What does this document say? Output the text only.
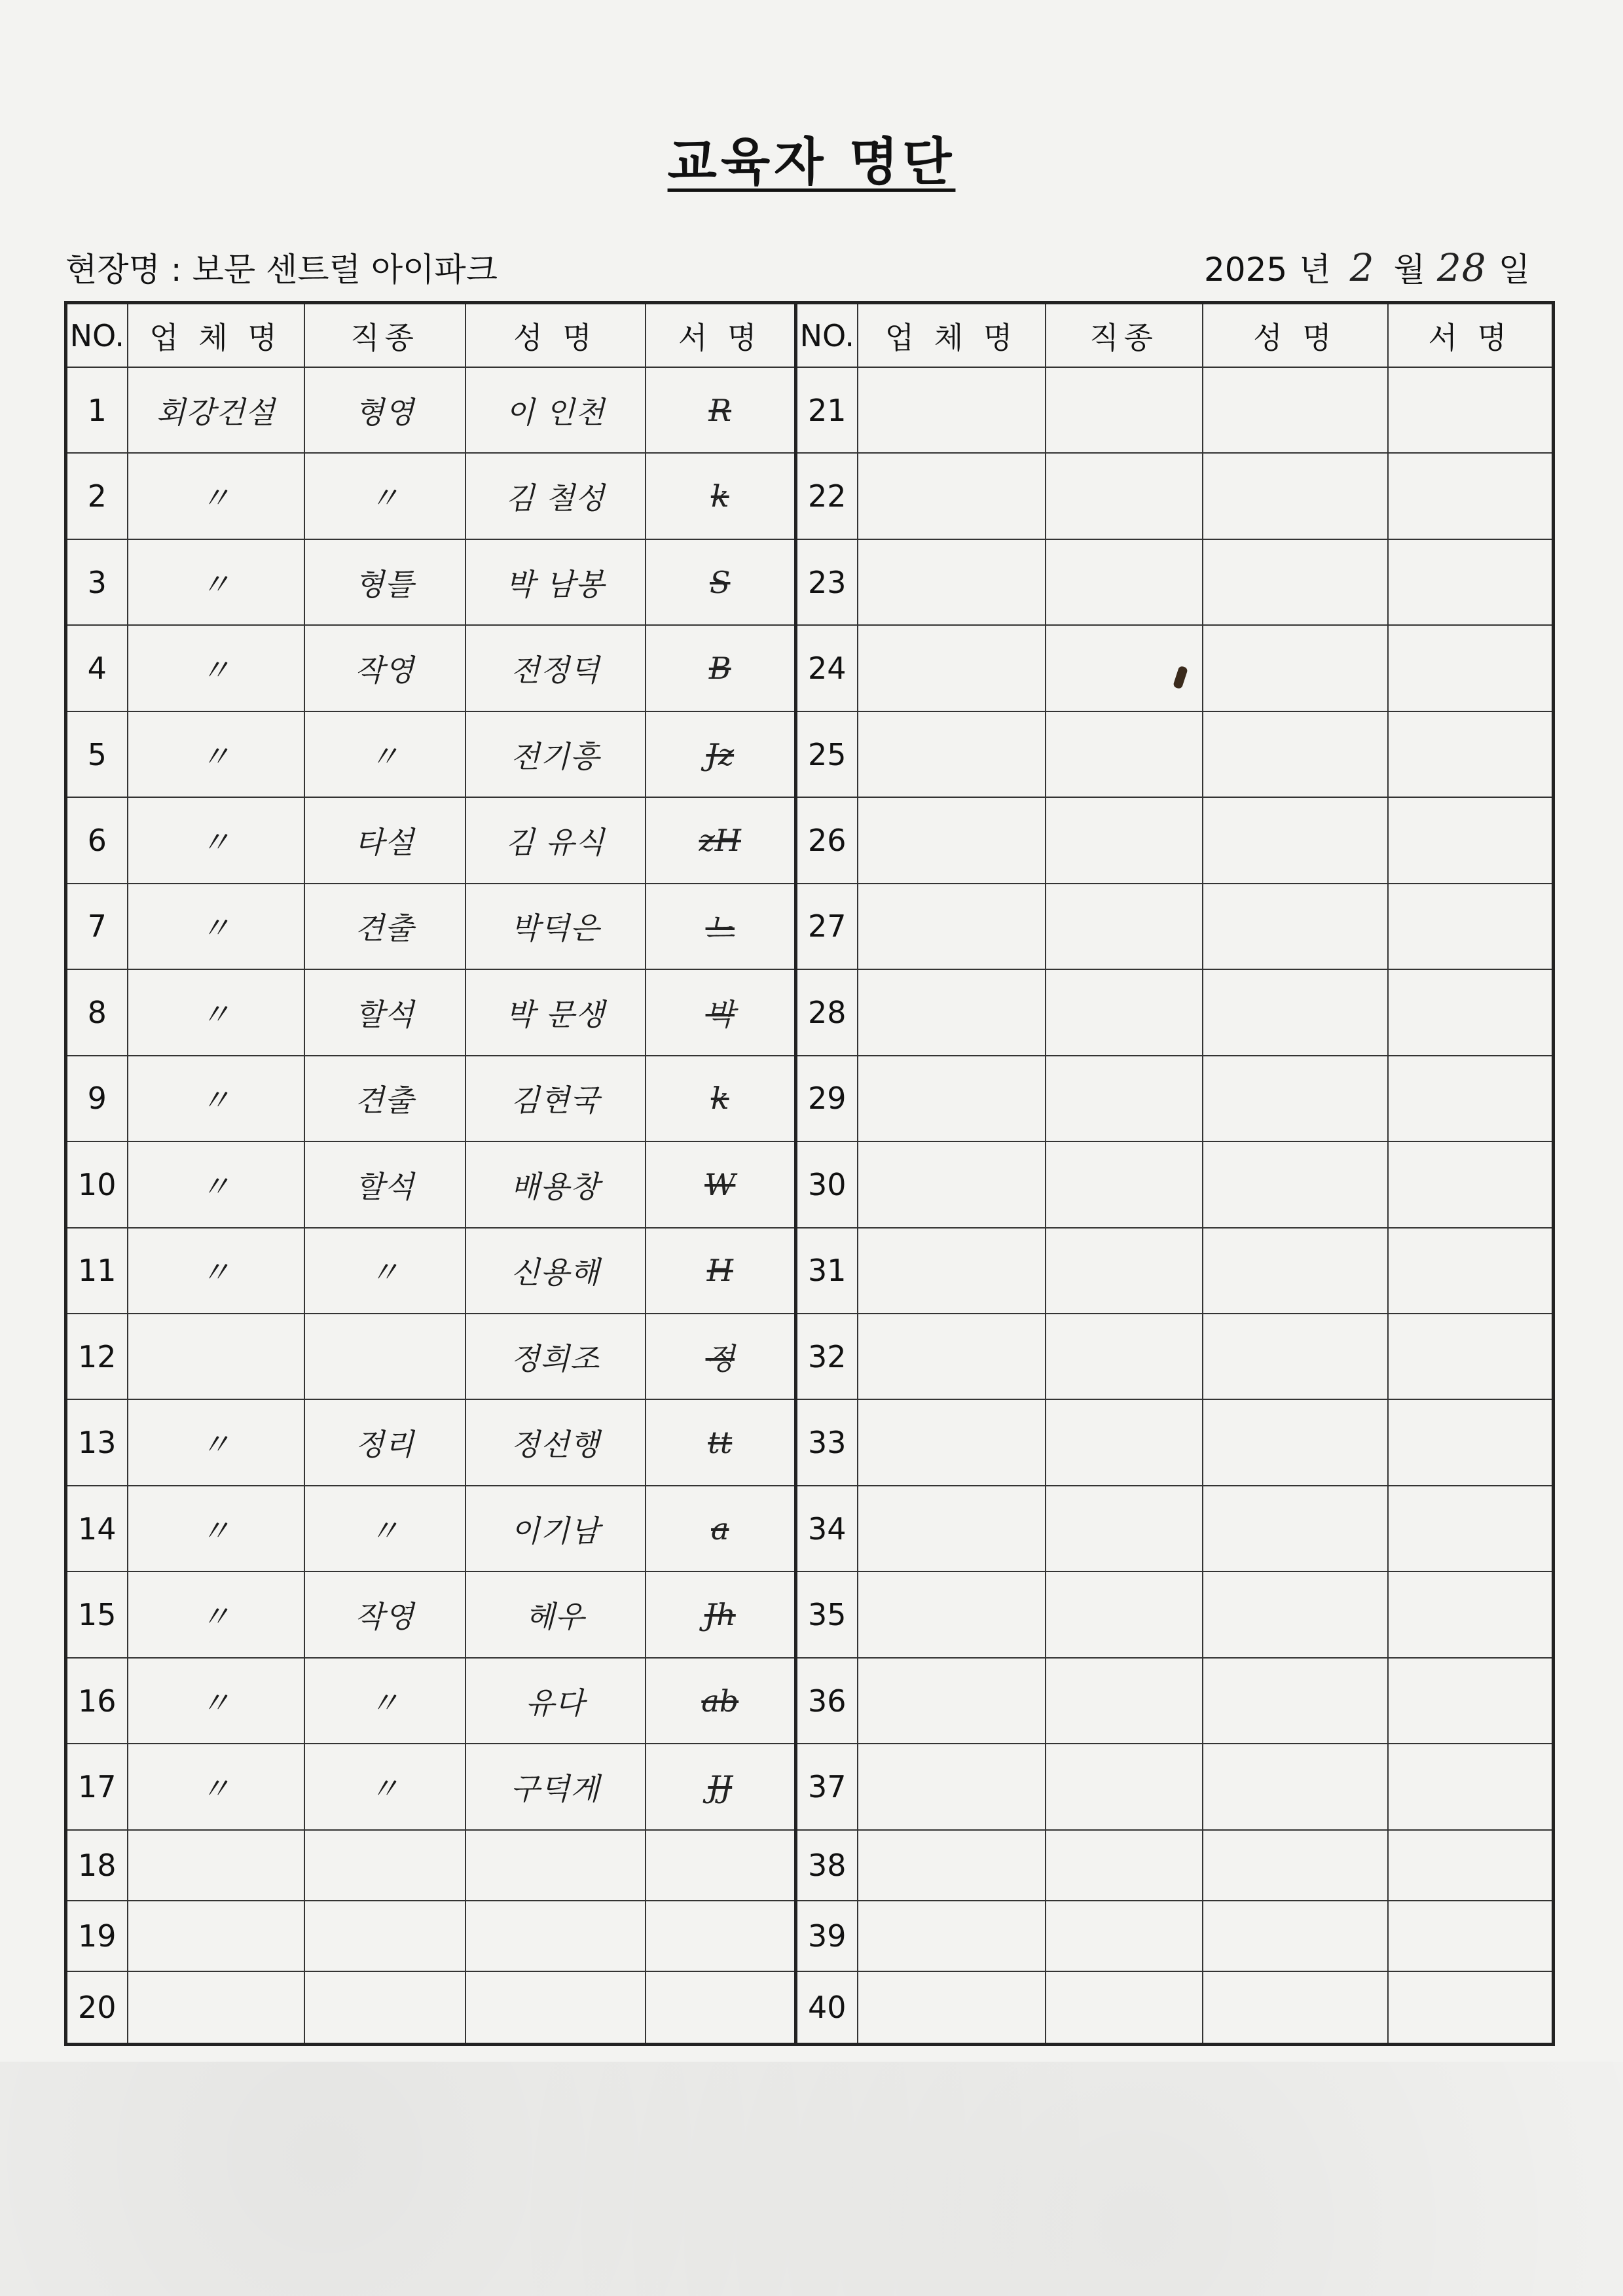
교육자 명단
현장명 : 보문 센트럴 아이파크	2025 년 2 월 28 일
NO.	업 체 명	직종	성 명	서 명	NO.	업 체 명	직종	성 명	서 명
1	회강건설	형영	이 인천	R	21				
2	〃	〃	김 철성	k	22				
3	〃	형틀	박 남봉	S	23				
4	〃	작영	전정덕	B	24				
5	〃	〃	전기흥	Jz	25				
6	〃	타설	김 유식	zH	26				
7	〃	견출	박덕은	느	27				
8	〃	할석	박 문생	박	28				
9	〃	견출	김현국	k	29				
10	〃	할석	배용창	W	30				
11	〃	〃	신용해	H	31				
12			정희조	정	32				
13	〃	정리	정선행	tt	33				
14	〃	〃	이기남	a	34				
15	〃	작영	헤우	Jh	35				
16	〃	〃	유다	ab	36				
17	〃	〃	구덕게	JJ	37				
18					38				
19					39				
20					40				
